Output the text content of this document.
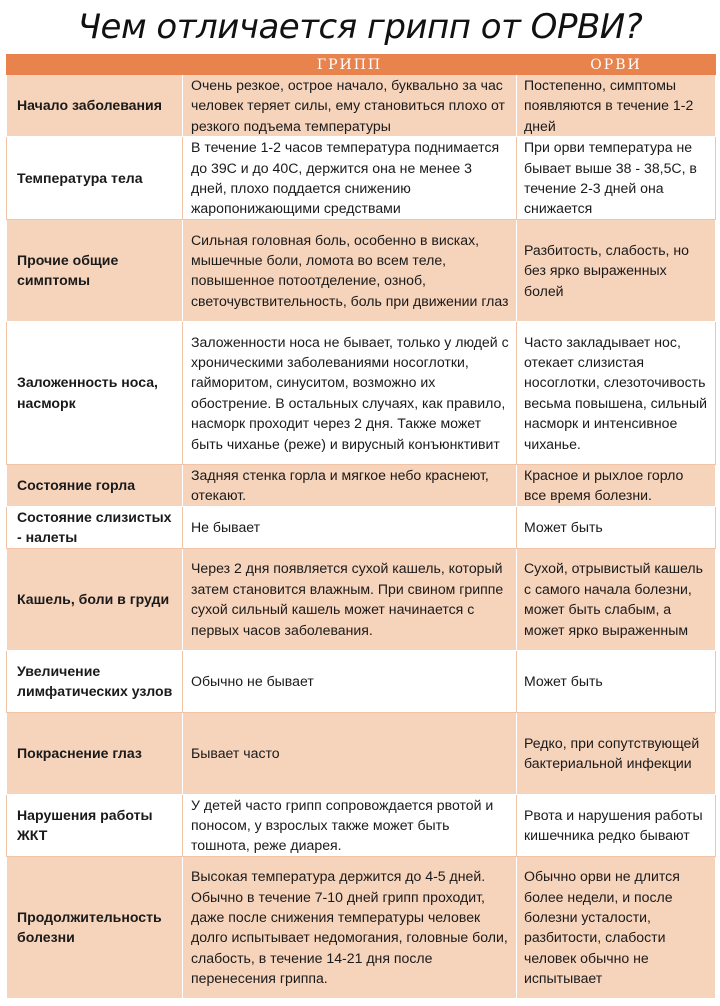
Чем отличается грипп от ОРВИ?
	ГРИПП	ОРВИ
Начало заболевания	Очень резкое, острое начало, буквально за час человек теряет силы, ему становиться плохо от резкого подъема температуры	Постепенно, симптомы появляются в течение 1-2 дней
Температура тела	В течение 1-2 часов температура поднимается до 39С и до 40С, держится она не менее 3 дней, плохо поддается снижению жаропонижающими средствами	При орви температура не бывает выше 38 - 38,5С, в течение 2-3 дней она снижается
Прочие общие симптомы	Сильная головная боль, особенно в висках, мышечные боли, ломота во всем теле, повышенное потоотделение, озноб, светочувствительность, боль при движении глаз	Разбитость, слабость, но без ярко выраженных болей
Заложенность носа, насморк	Заложенности носа не бывает, только у людей с хроническими заболеваниями носоглотки, гайморитом, синуситом, возможно их обострение. В остальных случаях, как правило, насморк проходит через 2 дня. Также может быть чиханье (реже) и вирусный конъюнктивит	Часто закладывает нос, отекает слизистая носоглотки, слезоточивость весьма повышена, сильный насморк и интенсивное чиханье.
Состояние горла	Задняя стенка горла и мягкое небо краснеют, отекают.	Красное и рыхлое горло все время болезни.
Состояние слизистых - налеты	Не бывает	Может быть
Кашель, боли в груди	Через 2 дня появляется сухой кашель, который затем становится влажным. При свином гриппе сухой сильный кашель может начинается с первых часов заболевания.	Сухой, отрывистый кашель с самого начала болезни, может быть слабым, а может ярко выраженным
Увеличение лимфатических узлов	Обычно не бывает	Может быть
Покраснение глаз	Бывает часто	Редко, при сопутствующей бактериальной инфекции
Нарушения работы ЖКТ	У детей часто грипп сопровождается рвотой и поносом, у взрослых также может быть тошнота, реже диарея.	Рвота и нарушения работы кишечника редко бывают
Продолжительность болезни	Высокая температура держится до 4-5 дней. Обычно в течение 7-10 дней грипп проходит, даже после снижения температуры человек долго испытывает недомогания, головные боли, слабость, в течение 14-21 дня после перенесения гриппа.	Обычно орви не длится более недели, и после болезни усталости, разбитости, слабости человек обычно не испытывает
